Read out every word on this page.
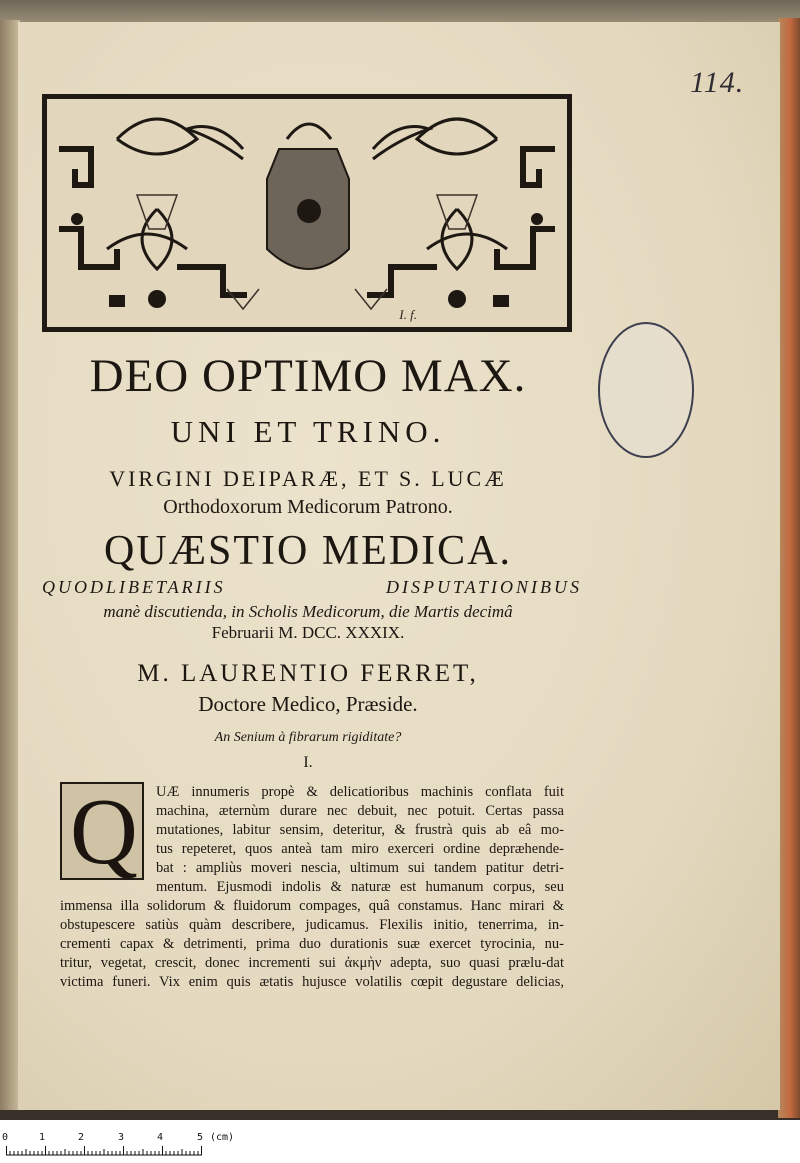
114.
I. f.
DEO OPTIMO MAX.
UNI ET TRINO.
VIRGINI DEIPARÆ, ET S. LUCÆ
Orthodoxorum Medicorum Patrono.
QUÆSTIO MEDICA.
QUODLIBETARIIS DISPUTATIONIBUS
manè discutienda, in Scholis Medicorum, die Martis decimâ
Februarii M. DCC. XXXIX.
M. LAURENTIO FERRET,
Doctore Medico, Præside.
An Senium à fibrarum rigiditate?
I.
Q	UÆ innumeris propè & delicatioribus machinis conflata fuit
machina, æternùm durare nec debuit, nec potuit. Certas passa
mutationes, labitur sensim, deteritur, & frustrà quis ab eâ mo-
tus repeteret, quos anteà tam miro exerceri ordine depræhende-
bat : ampliùs moveri nescia, ultimum sui tandem patitur detri-
mentum. Ejusmodi indolis & naturæ est humanum corpus, seu
immensa illa solidorum & fluidorum compages, quâ constamus. Hanc mirari &
obstupescere satiùs quàm describere, judicamus. Flexilis initio, tenerrima, in-
crementi capax & detrimenti, prima duo durationis suæ exercet tyrocinia, nu-
tritur, vegetat, crescit, donec incrementi sui ἀκμὴν adepta, suo quasi prælu-dat
victima funeri. Vix enim quis ætatis hujusce volatilis cœpit degustare delicias,
0	1	2	3	4	5 (cm)
